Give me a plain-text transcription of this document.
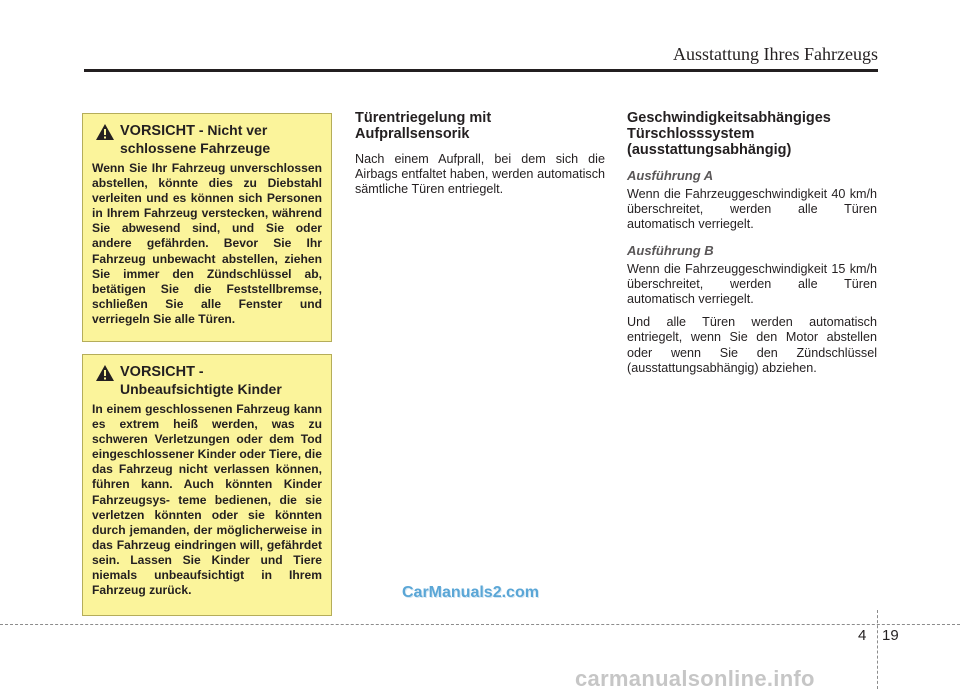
Ausstattung Ihres Fahrzeugs
VORSICHT - Nicht ver
schlossene Fahrzeuge
Wenn Sie Ihr Fahrzeug unverschlossen abstellen, könnte dies zu Diebstahl verleiten und es können sich Personen in Ihrem Fahrzeug verstecken, während Sie abwesend sind, und Sie oder andere gefährden. Bevor Sie Ihr Fahrzeug unbewacht abstellen, ziehen Sie immer den Zündschlüssel ab, betätigen Sie die Feststellbremse, schließen Sie alle Fenster und verriegeln Sie alle Türen.
VORSICHT -
Unbeaufsichtigte Kinder
In einem geschlossenen Fahrzeug kann es extrem heiß werden, was zu schweren Verletzungen oder dem Tod eingeschlossener Kinder oder Tiere, die das Fahrzeug nicht verlassen können, führen kann. Auch könnten Kinder Fahrzeugsys- teme bedienen, die sie verletzen könnten oder sie könnten durch jemanden, der möglicherweise in das Fahrzeug eindringen will, gefährdet sein. Lassen Sie Kinder und Tiere niemals unbeaufsichtigt in Ihrem Fahrzeug zurück.
Türentriegelung mit
Aufprallsensorik

Nach einem Aufprall, bei dem sich die Airbags entfaltet haben, werden automatisch sämtliche Türen entriegelt.

Geschwindigkeitsabhängiges
Türschlosssystem
(ausstattungsabhängig)
Ausführung A

Wenn die Fahrzeuggeschwindigkeit 40 km/h überschreitet, werden alle Türen automatisch verriegelt.

Ausführung B

Wenn die Fahrzeuggeschwindigkeit 15 km/h überschreitet, werden alle Türen automatisch verriegelt.

Und alle Türen werden automatisch entriegelt, wenn Sie den Motor abstellen oder wenn Sie den Zündschlüssel (ausstattungsabhängig) abziehen.

CarManuals2.com
carmanualsonline.info
4 19
